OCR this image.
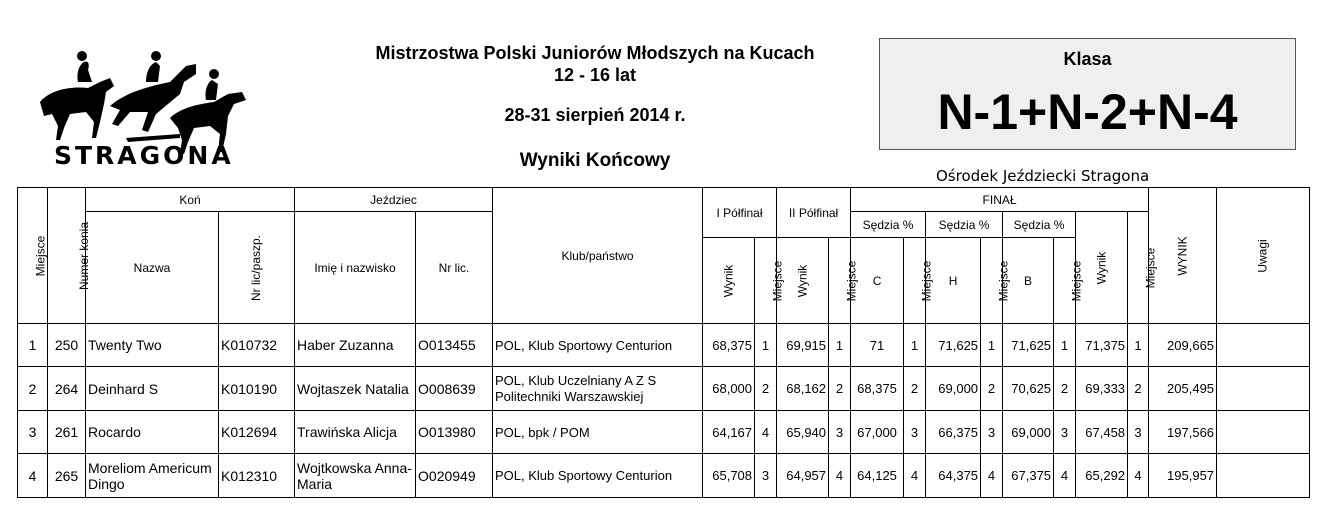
STRAGONA
Mistrzostwa Polski Juniorów Młodszych na Kucach
12 - 16 lat
28-31 sierpień 2014 r.
Wyniki Końcowy
Klasa
N-1+N-2+N-4
Ośrodek Jeździecki Stragona
Miejsce	Numer konia	Koń		Jeździec		Klub/państwo	I Półfinał		II Półfinał		FINAŁ								WYNIK	Uwagi
		Nazwa	Nr lic/paszp.	Imię i nazwisko	Nr lic.						Sędzia %		Sędzia %		Sędzia %		Wynik	Miejsce		
							Wynik	Miejsce	Wynik	Miejsce	C	Miejsce	H	Miejsce	B	Miejsce				
1	250	Twenty Two	K010732	Haber Zuzanna	O013455	POL, Klub Sportowy Centurion	68,375	1	69,915	1	71	1	71,625	1	71,625	1	71,375	1	209,665	
2	264	Deinhard S	K010190	Wojtaszek Natalia	O008639	POL, Klub Uczelniany A Z S Politechniki Warszawskiej	68,000	2	68,162	2	68,375	2	69,000	2	70,625	2	69,333	2	205,495	
3	261	Rocardo	K012694	Trawińska Alicja	O013980	POL, bpk / POM	64,167	4	65,940	3	67,000	3	66,375	3	69,000	3	67,458	3	197,566	
4	265	Moreliom Americum Dingo	K012310	Wojtkowska Anna-Maria	O020949	POL, Klub Sportowy Centurion	65,708	3	64,957	4	64,125	4	64,375	4	67,375	4	65,292	4	195,957	
